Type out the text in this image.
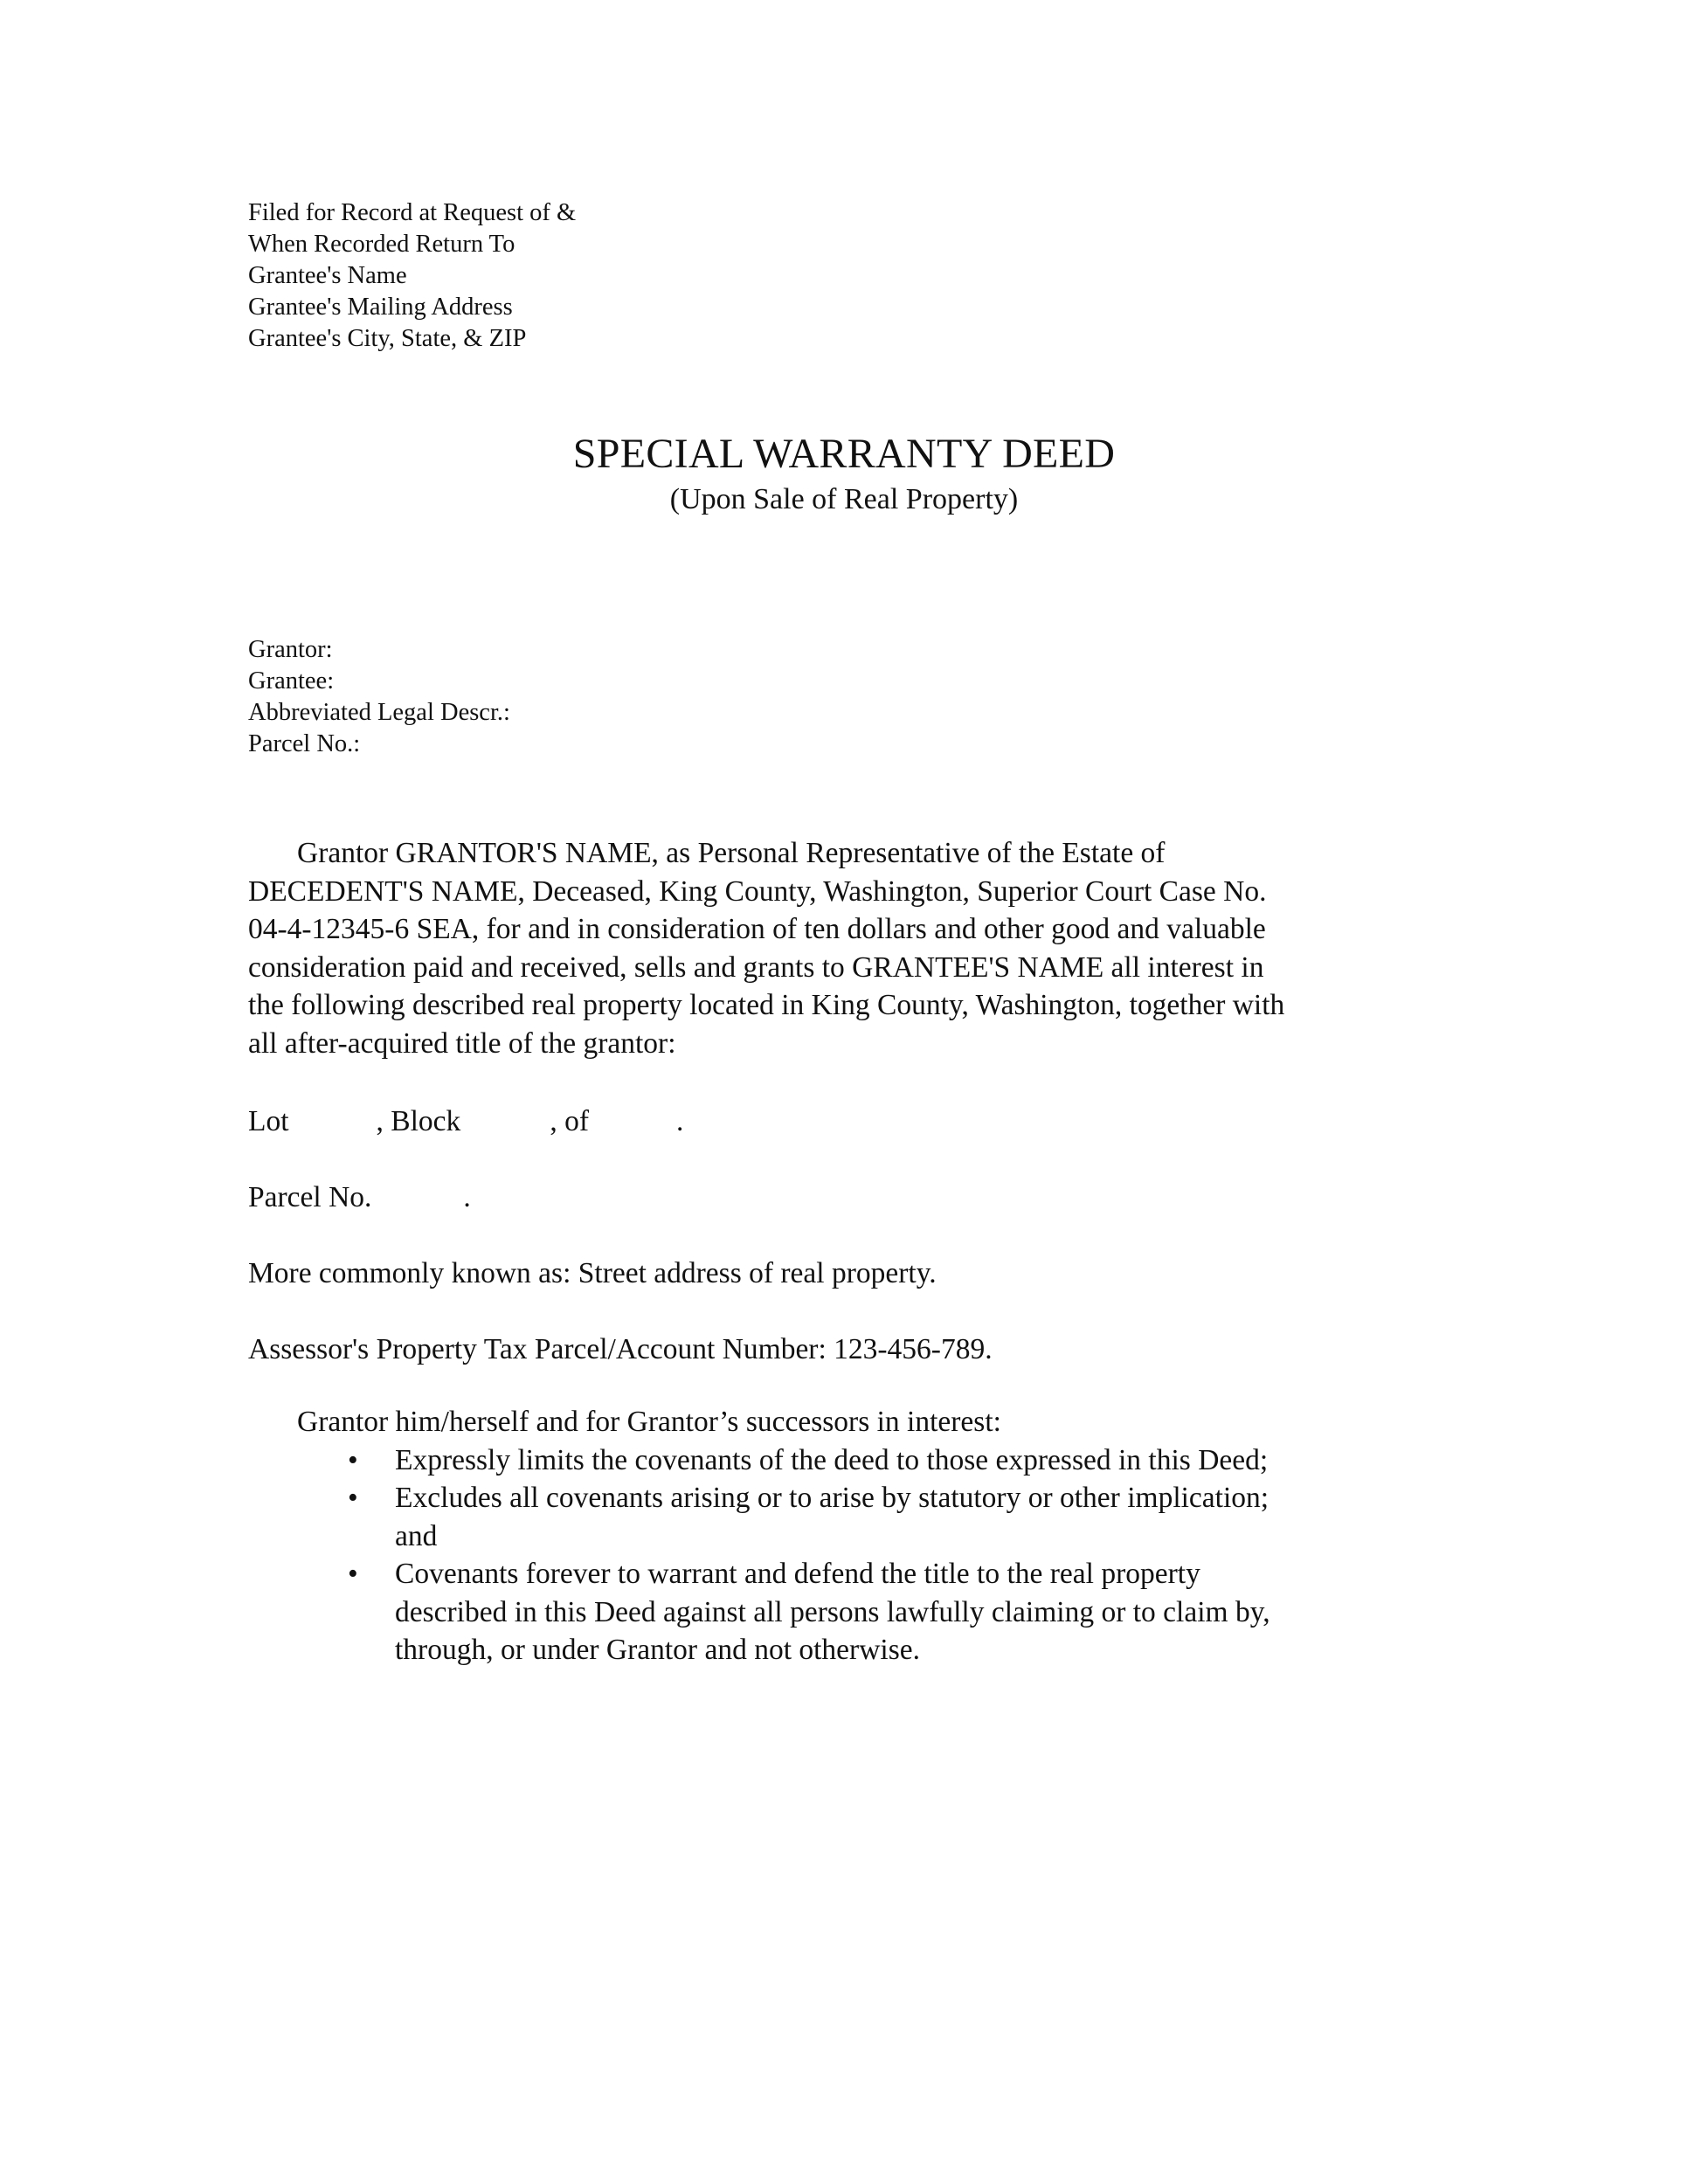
Filed for Record at Request of &
When Recorded Return To
Grantee's Name
Grantee's Mailing Address
Grantee's City, State, & ZIP
SPECIAL WARRANTY DEED
(Upon Sale of Real Property)
Grantor:
Grantee:
Abbreviated Legal Descr.:
Parcel No.:
Grantor GRANTOR'S NAME, as Personal Representative of the Estate of
DECEDENT'S NAME, Deceased, King County, Washington, Superior Court Case No.
04-4-12345-6 SEA, for and in consideration of ten dollars and other good and valuable
consideration paid and received, sells and grants to GRANTEE'S NAME all interest in
the following described real property located in King County, Washington, together with
all after-acquired title of the grantor:
Lot	, Block	, of	.
Parcel No.	.
More commonly known as: Street address of real property.
Assessor's Property Tax Parcel/Account Number: 123-456-789.
Grantor him/herself and for Grantor’s successors in interest:
• Expressly limits the covenants of the deed to those expressed in this Deed;
• Excludes all covenants arising or to arise by statutory or other implication;
and
• Covenants forever to warrant and defend the title to the real property
described in this Deed against all persons lawfully claiming or to claim by,
through, or under Grantor and not otherwise.
